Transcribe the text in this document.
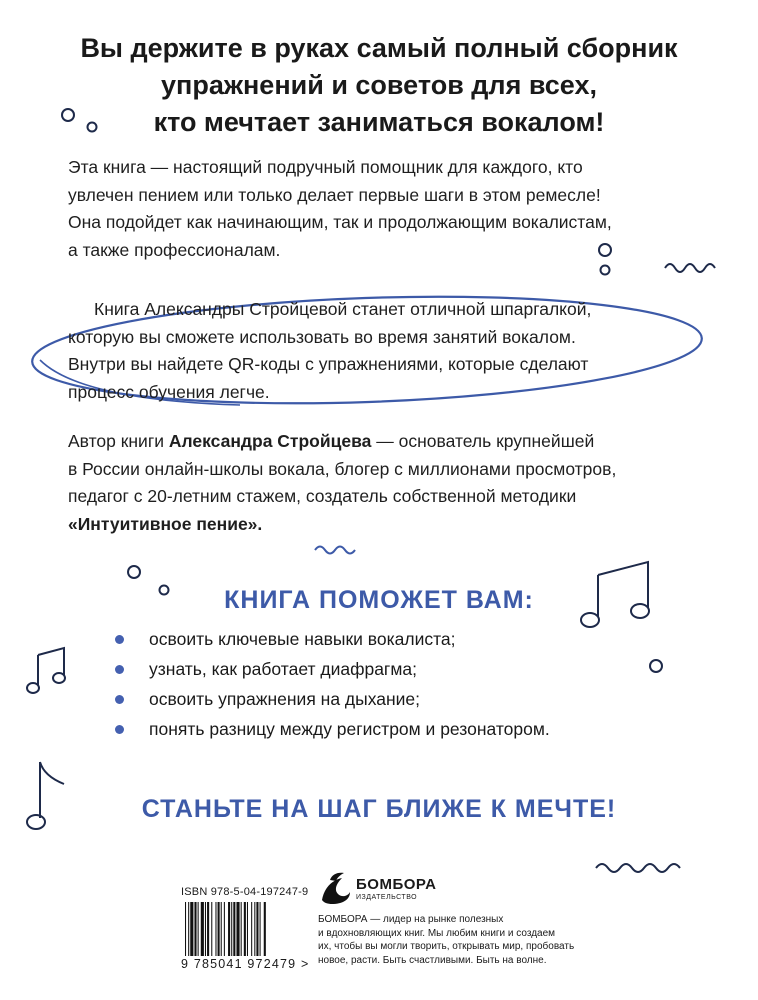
Вы держите в руках самый полный сборник
упражнений и советов для всех,
кто мечтает заниматься вокалом!
Эта книга — настоящий подручный помощник для каждого, кто
увлечен пением или только делает первые шаги в этом ремесле!
Она подойдет как начинающим, так и продолжающим вокалистам,
а также профессионалам.
Книга Александры Стройцевой станет отличной шпаргалкой,
которую вы сможете использовать во время занятий вокалом.
Внутри вы найдете QR-коды с упражнениями, которые сделают
процесс обучения легче.
Автор книги Александра Стройцева — основатель крупнейшей
в России онлайн-школы вокала, блогер с миллионами просмотров,
педагог с 20-летним стажем, создатель собственной методики
«Интуитивное пение».
КНИГА ПОМОЖЕТ ВАМ:
освоить ключевые навыки вокалиста;
узнать, как работает диафрагма;
освоить упражнения на дыхание;
понять разницу между регистром и резонатором.
СТАНЬТЕ НА ШАГ БЛИЖЕ К МЕЧТЕ!
ISBN 978-5-04-197247-9
9 785041 972479 >
БОМБОРА
ИЗДАТЕЛЬСТВО
БОМБОРА — лидер на рынке полезных
и вдохновляющих книг. Мы любим книги и создаем
их, чтобы вы могли творить, открывать мир, пробовать
новое, расти. Быть счастливыми. Быть на волне.
